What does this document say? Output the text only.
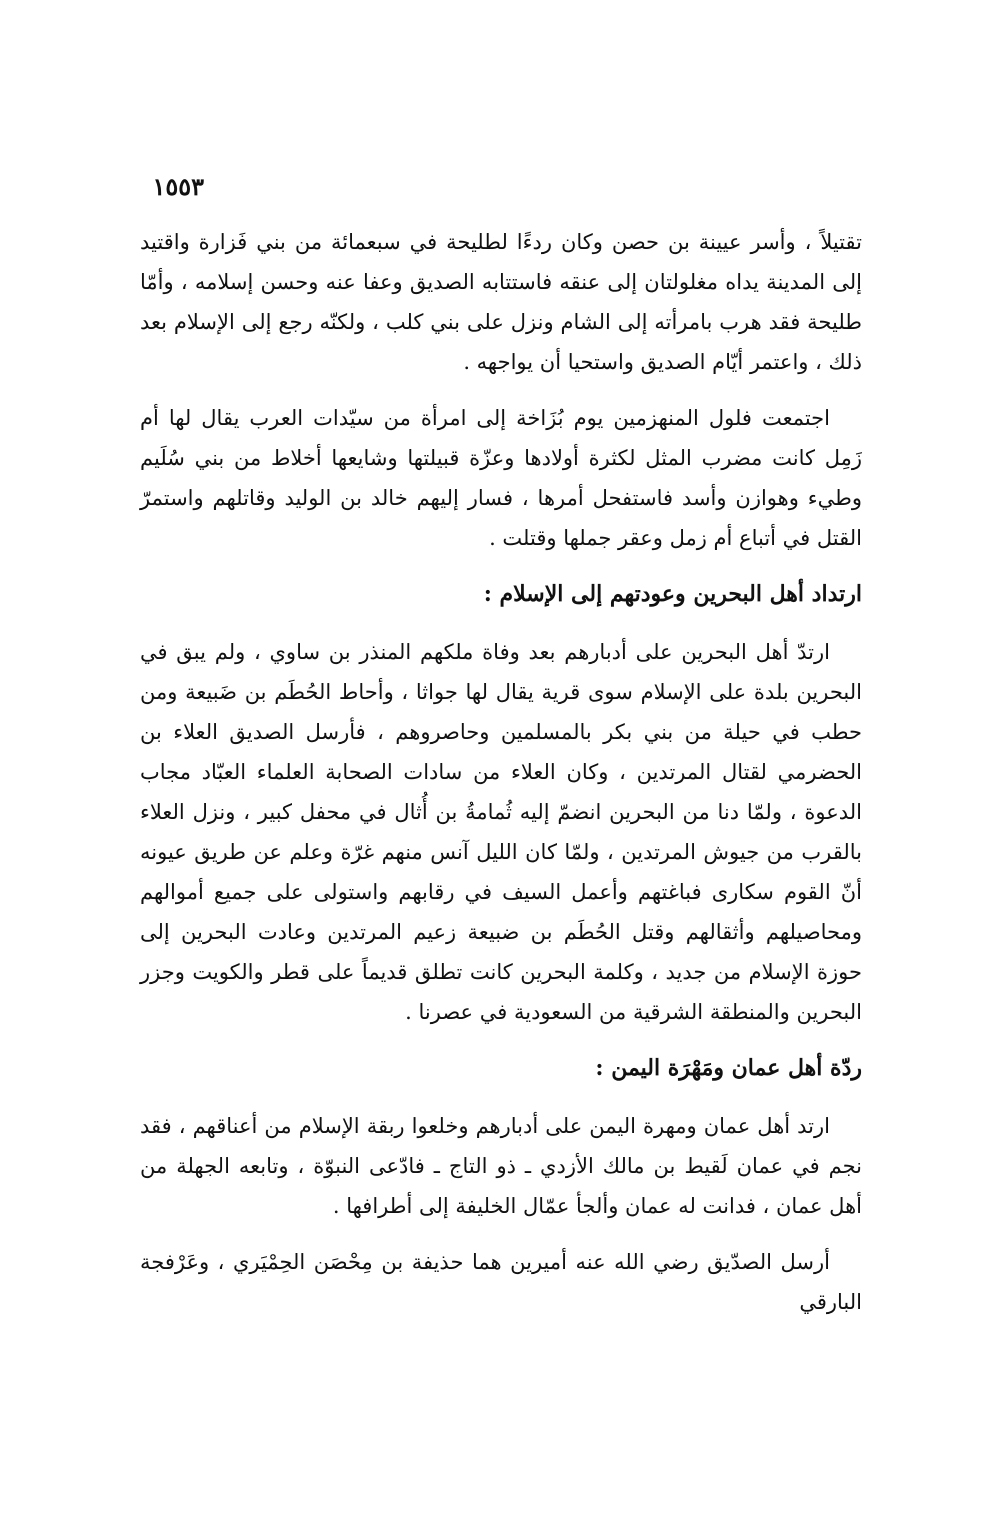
١٥٥٣

تقتيلاً ، وأسر عيينة بن حصن وكان ردءًا لطليحة في سبعمائة من بني فَزارة واقتيد إلى المدينة يداه مغلولتان إلى عنقه فاستتابه الصديق وعفا عنه وحسن إسلامه ، وأمّا طليحة فقد هرب بامرأته إلى الشام ونزل على بني كلب ، ولكنّه رجع إلى الإسلام بعد ذلك ، واعتمر أيّام الصديق واستحيا أن يواجهه .

اجتمعت فلول المنهزمين يوم بُزَاخة إلى امرأة من سيّدات العرب يقال لها أم زَمِل كانت مضرب المثل لكثرة أولادها وعزّة قبيلتها وشايعها أخلاط من بني سُلَيم وطيء وهوازن وأسد فاستفحل أمرها ، فسار إليهم خالد بن الوليد وقاتلهم واستمرّ القتل في أتباع أم زمل وعقر جملها وقتلت .

ارتداد أهل البحرين وعودتهم إلى الإسلام :

ارتدّ أهل البحرين على أدبارهم بعد وفاة ملكهم المنذر بن ساوي ، ولم يبق في البحرين بلدة على الإسلام سوى قرية يقال لها جواثا ، وأحاط الحُطَم بن ضَبيعة ومن حطب في حيلة من بني بكر بالمسلمين وحاصروهم ، فأرسل الصديق العلاء بن الحضرمي لقتال المرتدين ، وكان العلاء من سادات الصحابة العلماء العبّاد مجاب الدعوة ، ولمّا دنا من البحرين انضمّ إليه ثُمامةُ بن أُثال في محفل كبير ، ونزل العلاء بالقرب من جيوش المرتدين ، ولمّا كان الليل آنس منهم غرّة وعلم عن طريق عيونه أنّ القوم سكارى فباغتهم وأعمل السيف في رقابهم واستولى على جميع أموالهم ومحاصيلهم وأثقالهم وقتل الحُطَم بن ضبيعة زعيم المرتدين وعادت البحرين إلى حوزة الإسلام من جديد ، وكلمة البحرين كانت تطلق قديماً على قطر والكويت وجزر البحرين والمنطقة الشرقية من السعودية في عصرنا .

ردّة أهل عمان ومَهْرَة اليمن :

ارتد أهل عمان ومهرة اليمن على أدبارهم وخلعوا ربقة الإسلام من أعناقهم ، فقد نجم في عمان لَقيط بن مالك الأزدي ـ ذو التاج ـ فادّعى النبوّة ، وتابعه الجهلة من أهل عمان ، فدانت له عمان وألجأ عمّال الخليفة إلى أطرافها .

أرسل الصدّيق رضي الله عنه أميرين هما حذيفة بن مِحْصَن الحِمْيَري ، وعَرْفجة البارقي
